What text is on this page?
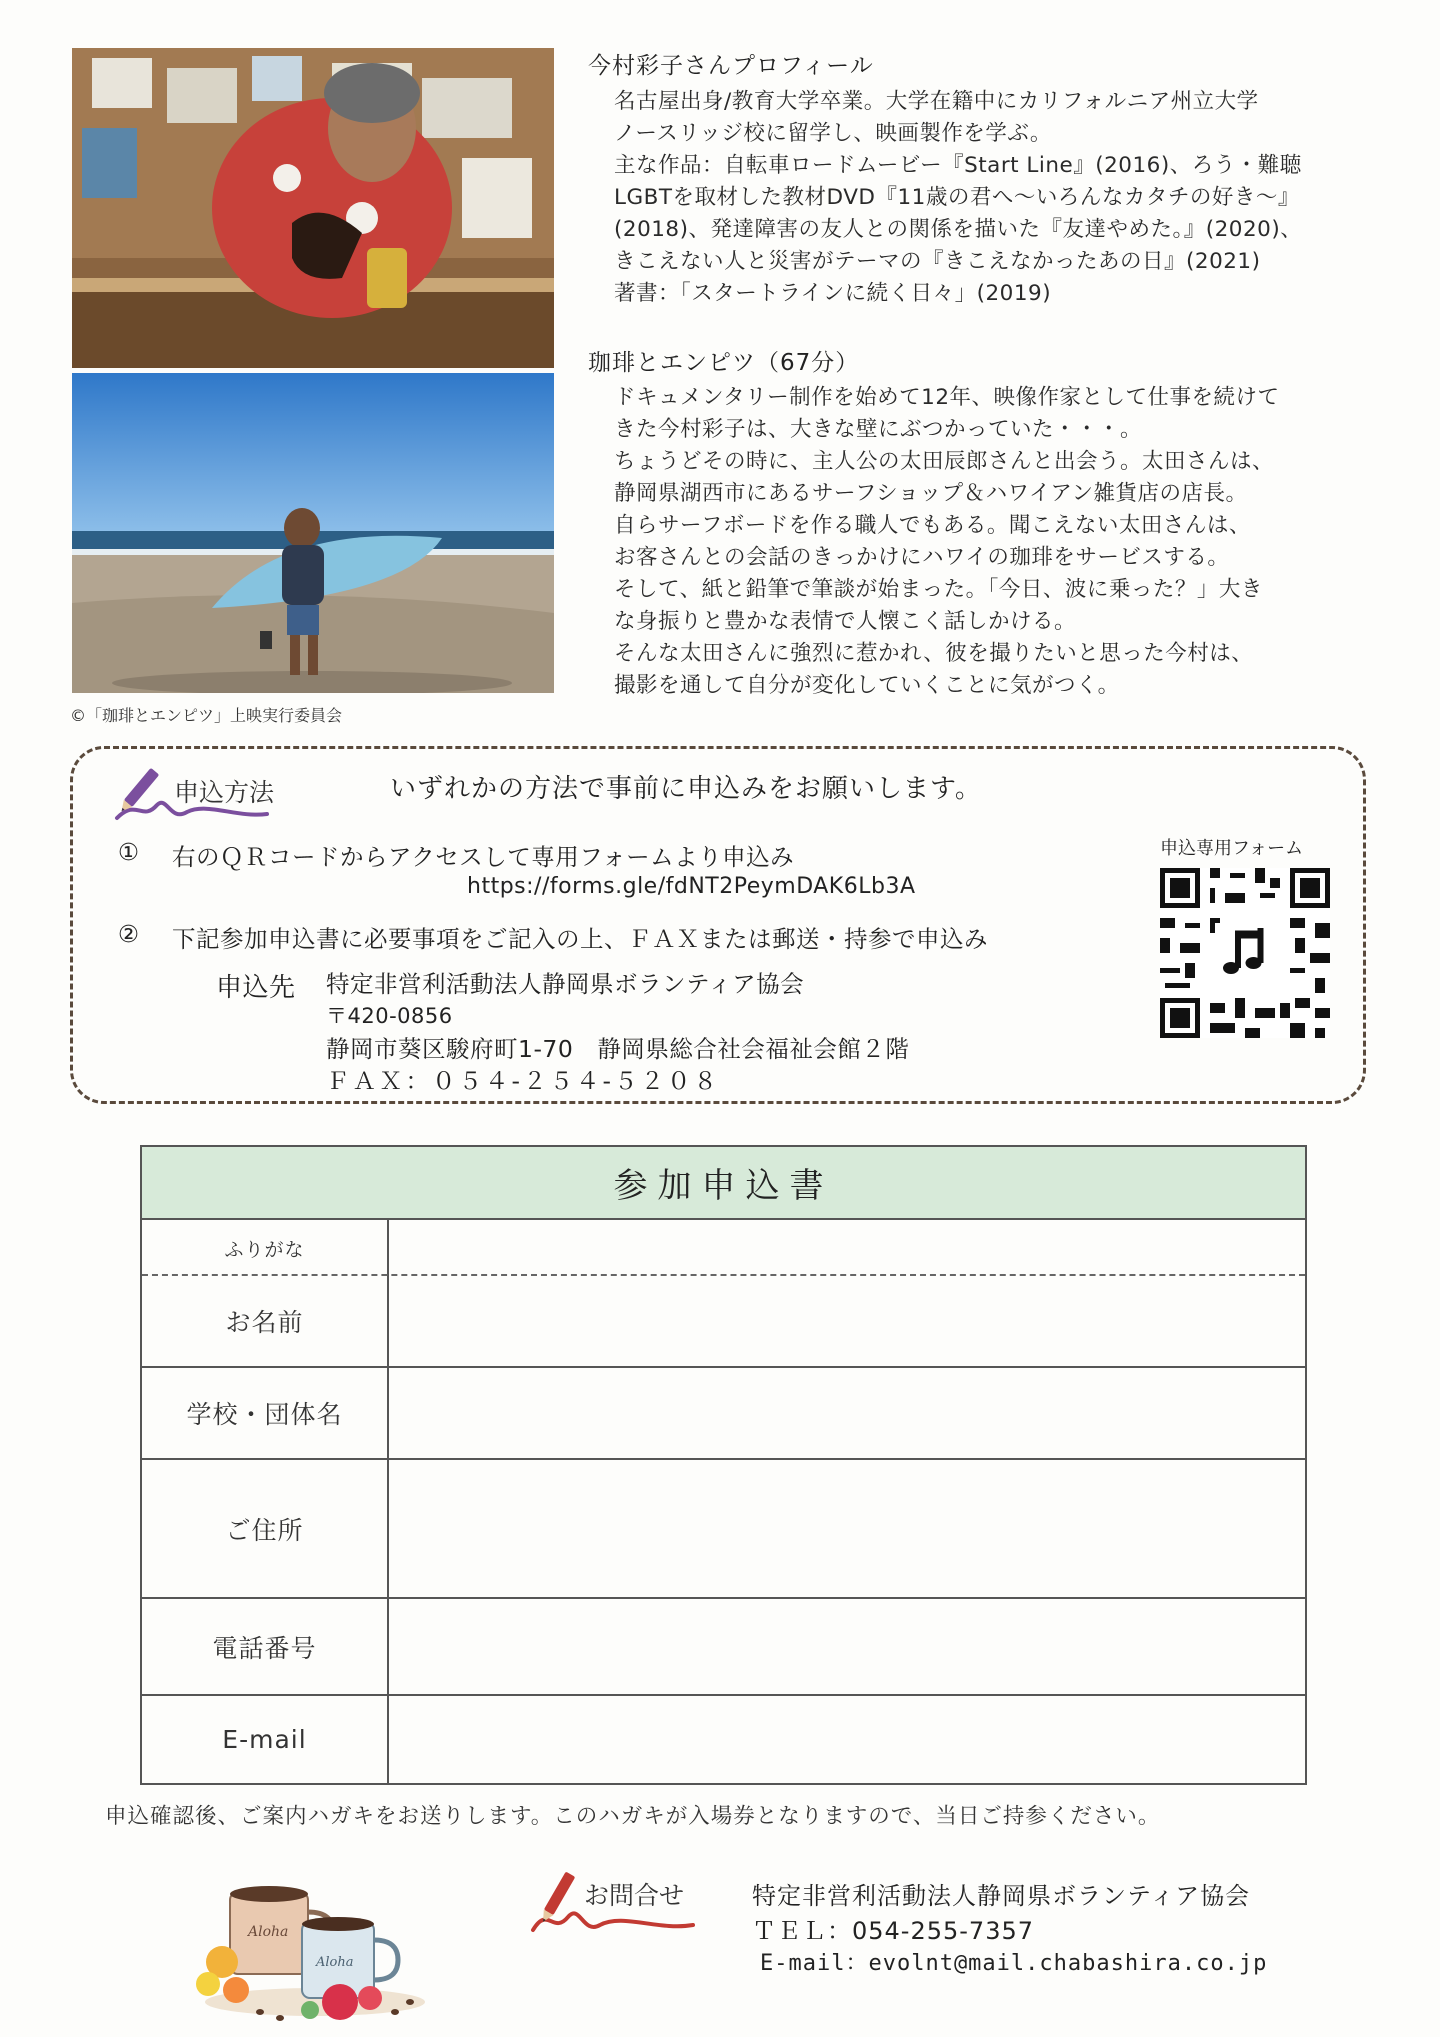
©「珈琲とエンピツ」上映実行委員会
今村彩子さんプロフィール
名古屋出身/教育大学卒業。大学在籍中にカリフォルニア州立大学
ノースリッジ校に留学し、映画製作を学ぶ。
主な作品：自転車ロードムービー『Start Line』(2016)、ろう・難聴
LGBTを取材した教材DVD『11歳の君へ～いろんなカタチの好き～』
(2018)、発達障害の友人との関係を描いた『友達やめた。』(2020)、
きこえない人と災害がテーマの『きこえなかったあの日』(2021)
著書：「スタートラインに続く日々」(2019)
珈琲とエンピツ（67分）
ドキュメンタリー制作を始めて12年、映像作家として仕事を続けて
きた今村彩子は、大きな壁にぶつかっていた・・・。
ちょうどその時に、主人公の太田辰郎さんと出会う。太田さんは、
静岡県湖西市にあるサーフショップ＆ハワイアン雑貨店の店長。
自らサーフボードを作る職人でもある。聞こえない太田さんは、
お客さんとの会話のきっかけにハワイの珈琲をサービスする。
そして、紙と鉛筆で筆談が始まった。「今日、波に乗った？」大き
な身振りと豊かな表情で人懐こく話しかける。
そんな太田さんに強烈に惹かれ、彼を撮りたいと思った今村は、
撮影を通して自分が変化していくことに気がつく。
申込方法	いずれかの方法で事前に申込みをお願いします。
① 右のＱＲコードからアクセスして専用フォームより申込み
https://forms.gle/fdNT2PeymDAK6Lb3A
② 下記参加申込書に必要事項をご記入の上、ＦＡＸまたは郵送・持参で申込み
申込先 特定非営利活動法人静岡県ボランティア協会
〒420-0856
静岡市葵区駿府町1-70　静岡県総合社会福祉会館２階
ＦＡＸ：０５４-２５４-５２０８
申込専用フォーム
参加申込書
ふりがな
お名前
学校・団体名
ご住所
電話番号
E-mail
申込確認後、ご案内ハガキをお送りします。このハガキが入場券となりますので、当日ご持参ください。
Aloha
Aloha
お問合せ	特定非営利活動法人静岡県ボランティア協会
ＴＥＬ：054-255-7357
E-mail：evolnt@mail.chabashira.co.jp
